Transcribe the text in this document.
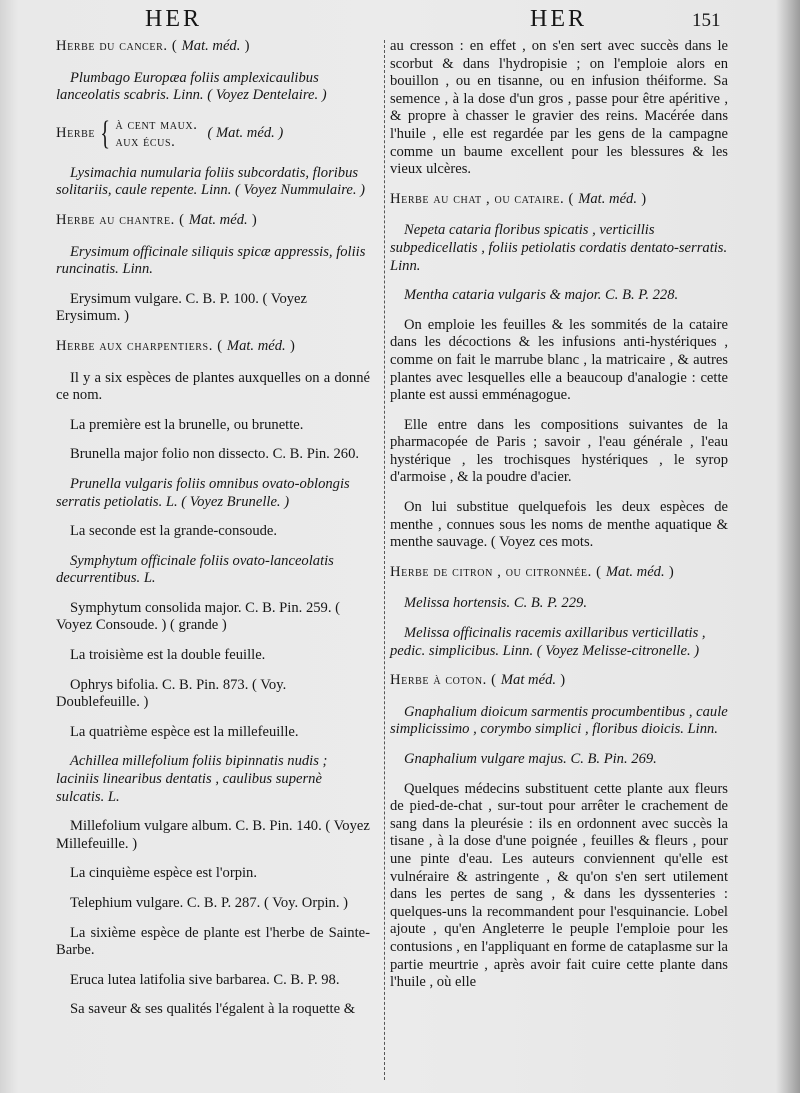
HER	HER	151

Herbe du cancer. ( Mat. méd. )

Plumbago Europæa foliis amplexicaulibus lanceolatis scabris. Linn. ( Voyez Dentelaire. )

Herbe { à cent maux.
aux écus.
( Mat. méd. )

Lysimachia numularia foliis subcordatis, floribus solitariis, caule repente. Linn. ( Voyez Nummulaire. )

Herbe au chantre. ( Mat. méd. )

Erysimum officinale siliquis spicæ appressis, foliis runcinatis. Linn.

Erysimum vulgare. C. B. P. 100. ( Voyez Erysimum. )

Herbe aux charpentiers. ( Mat. méd. )

Il y a six espèces de plantes auxquelles on a donné ce nom.

La première est la brunelle, ou brunette.

Brunella major folio non dissecto. C. B. Pin. 260.

Prunella vulgaris foliis omnibus ovato-oblongis serratis petiolatis. L. ( Voyez Brunelle. )

La seconde est la grande-consoude.

Symphytum officinale foliis ovato-lanceolatis decurrentibus. L.

Symphytum consolida major. C. B. Pin. 259. ( Voyez Consoude. ) ( grande )

La troisième est la double feuille.

Ophrys bifolia. C. B. Pin. 873. ( Voy. Doublefeuille. )

La quatrième espèce est la millefeuille.

Achillea millefolium foliis bipinnatis nudis ; laciniis linearibus dentatis , caulibus supernè sulcatis. L.

Millefolium vulgare album. C. B. Pin. 140. ( Voyez Millefeuille. )

La cinquième espèce est l'orpin.

Telephium vulgare. C. B. P. 287. ( Voy. Orpin. )

La sixième espèce de plante est l'herbe de Sainte-Barbe.

Eruca lutea latifolia sive barbarea. C. B. P. 98.

Sa saveur & ses qualités l'égalent à la roquette &

au cresson : en effet , on s'en sert avec succès dans le scorbut & dans l'hydropisie ; on l'emploie alors en bouillon , ou en tisanne, ou en infusion théiforme. Sa semence , à la dose d'un gros , passe pour être apéritive , & propre à chasser le gravier des reins. Macérée dans l'huile , elle est regardée par les gens de la campagne comme un baume excellent pour les blessures & les vieux ulcères.

Herbe au chat , ou cataire. ( Mat. méd. )

Nepeta cataria floribus spicatis , verticillis subpedicellatis , foliis petiolatis cordatis dentato-serratis. Linn.

Mentha cataria vulgaris & major. C. B. P. 228.

On emploie les feuilles & les sommités de la cataire dans les décoctions & les infusions anti-hystériques , comme on fait le marrube blanc , la matricaire , & autres plantes avec lesquelles elle a beaucoup d'analogie : cette plante est aussi emménagogue.

Elle entre dans les compositions suivantes de la pharmacopée de Paris ; savoir , l'eau générale , l'eau hystérique , les trochisques hystériques , le syrop d'armoise , & la poudre d'acier.

On lui substitue quelquefois les deux espèces de menthe , connues sous les noms de menthe aquatique & menthe sauvage. ( Voyez ces mots.

Herbe de citron , ou citronnée. ( Mat. méd. )

Melissa hortensis. C. B. P. 229.

Melissa officinalis racemis axillaribus verticillatis , pedic. simplicibus. Linn. ( Voyez Melisse-citronelle. )

Herbe à coton. ( Mat méd. )

Gnaphalium dioicum sarmentis procumbentibus , caule simplicissimo , corymbo simplici , floribus dioicis. Linn.

Gnaphalium vulgare majus. C. B. Pin. 269.

Quelques médecins substituent cette plante aux fleurs de pied-de-chat , sur-tout pour arrêter le crachement de sang dans la pleurésie : ils en ordonnent avec succès la tisane , à la dose d'une poignée , feuilles & fleurs , pour une pinte d'eau. Les auteurs conviennent qu'elle est vulnéraire & astringente , & qu'on s'en sert utilement dans les pertes de sang , & dans les dyssenteries : quelques-uns la recommandent pour l'esquinancie. Lobel ajoute , qu'en Angleterre le peuple l'emploie pour les contusions , en l'appliquant en forme de cataplasme sur la partie meurtrie , après avoir fait cuire cette plante dans l'huile , où elle
